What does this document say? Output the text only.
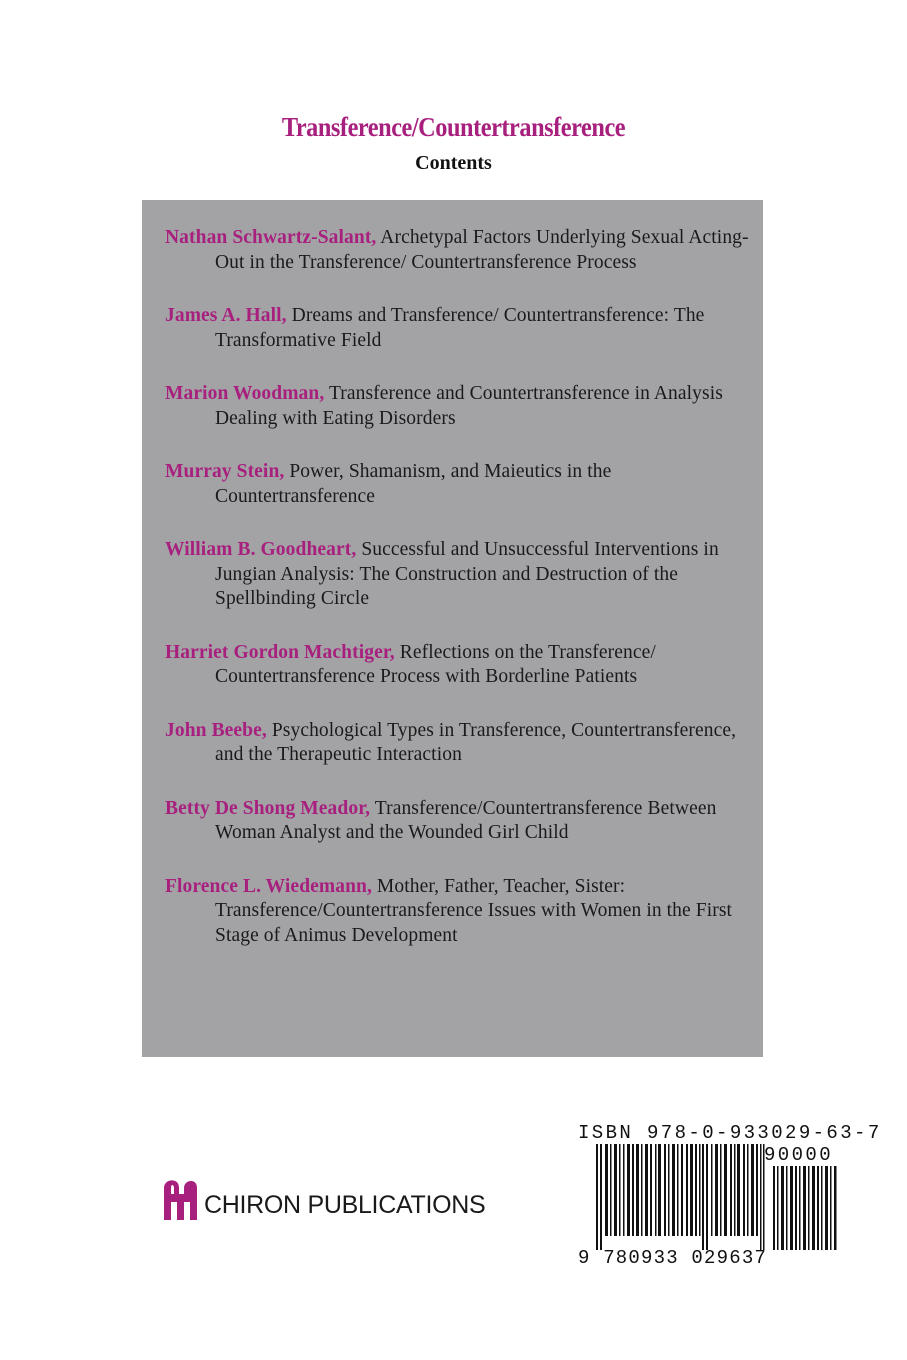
Transference/Countertransference
Contents
Nathan Schwartz-Salant, Archetypal Factors Underlying Sexual Acting-Out in the Transference/ Countertransference Process
James A. Hall, Dreams and Transference/ Countertransference: The Transformative Field
Marion Woodman, Transference and Countertransference in Analysis Dealing with Eating Disorders
Murray Stein, Power, Shamanism, and Maieutics in the Countertransference
William B. Goodheart, Successful and Unsuccessful Interventions in Jungian Analysis: The Construction and Destruction of the Spellbinding Circle
Harriet Gordon Machtiger, Reflections on the Transference/ Countertransference Process with Borderline Patients
John Beebe, Psychological Types in Transference, Countertransference, and the Therapeutic Interaction
Betty De Shong Meador, Transference/Countertransference Between Woman Analyst and the Wounded Girl Child
Florence L. Wiedemann, Mother, Father, Teacher, Sister: Transference/Countertransference Issues with Women in the First Stage of Animus Development
CHIRON PUBLICATIONS
ISBN 978-0-933029-63-7
90000
9 780933 029637
